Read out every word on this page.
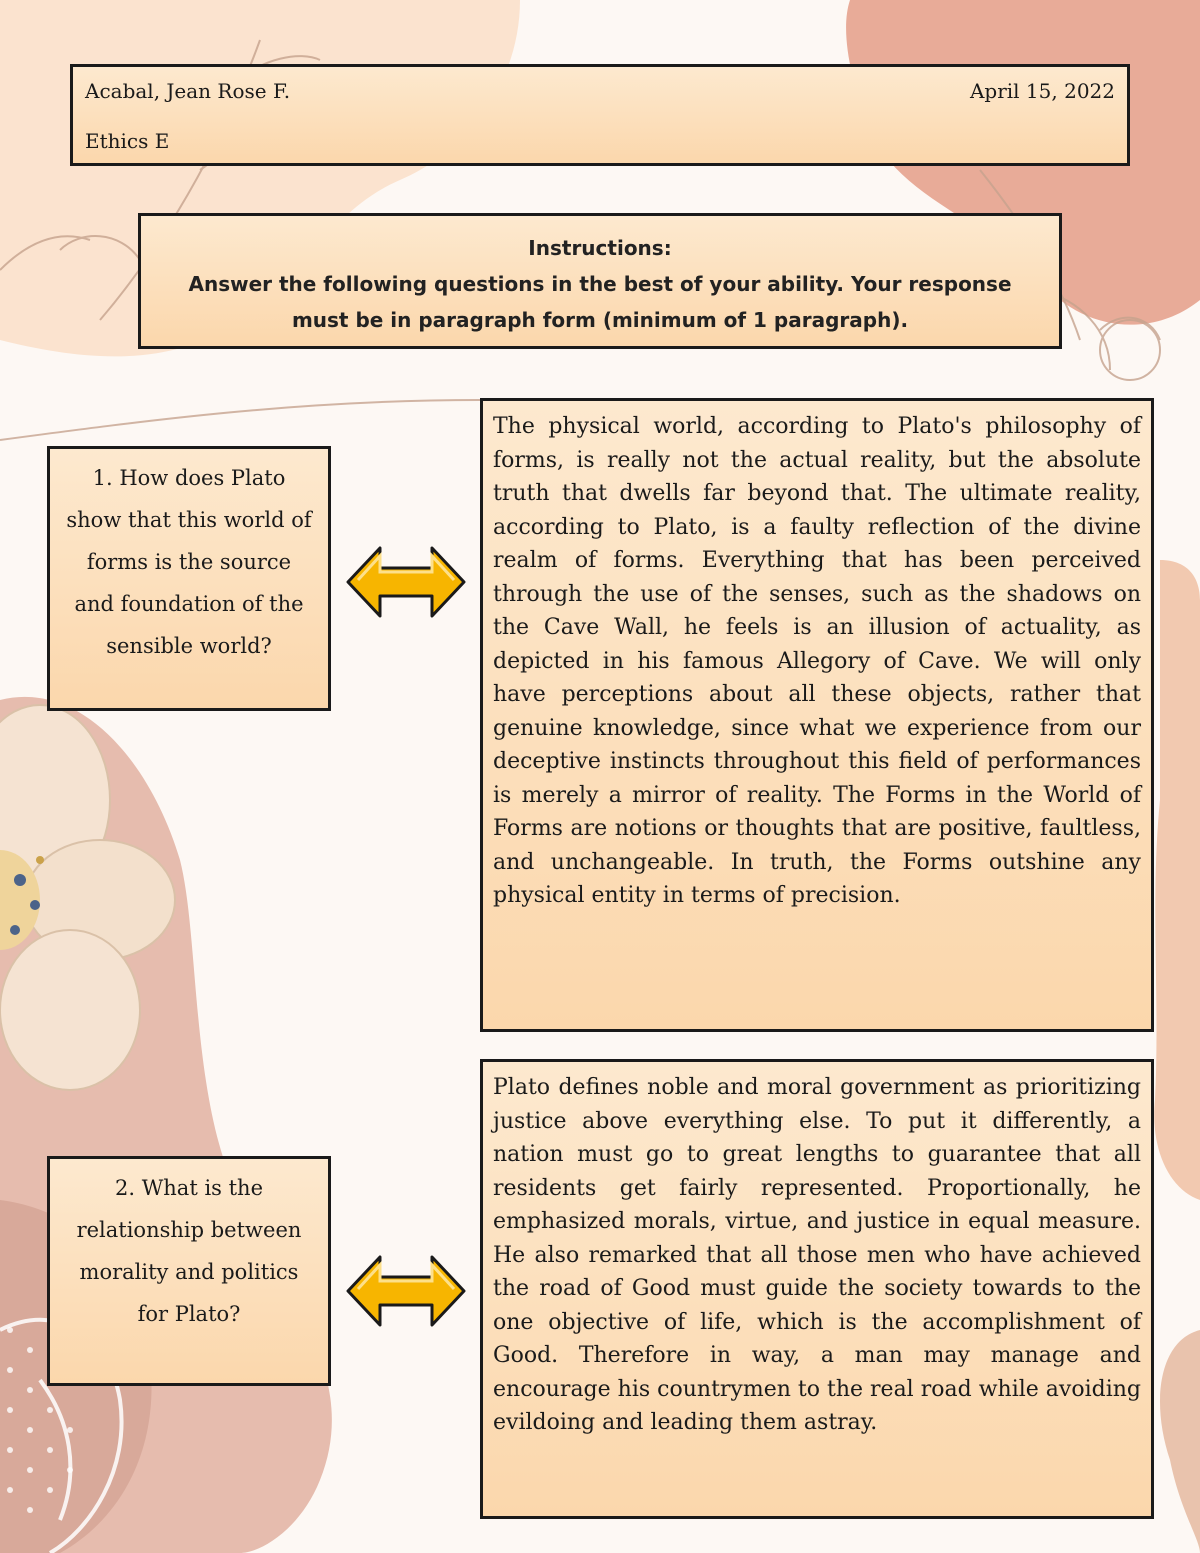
Acabal, Jean Rose F.	April 15, 2022
Ethics E
Instructions:
Answer the following questions in the best of your ability. Your response must be in paragraph form (minimum of 1 paragraph).
1. How does Plato show that this world of forms is the source and foundation of the sensible world?
The physical world, according to Plato's philosophy of forms, is really not the actual reality, but the absolute truth that dwells far beyond that. The ultimate reality, according to Plato, is a faulty reflection of the divine realm of forms. Everything that has been perceived through the use of the senses, such as the shadows on the Cave Wall, he feels is an illusion of actuality, as depicted in his famous Allegory of Cave. We will only have perceptions about all these objects, rather that genuine knowledge, since what we experience from our deceptive instincts throughout this field of performances is merely a mirror of reality. The Forms in the World of Forms are notions or thoughts that are positive, faultless, and unchangeable. In truth, the Forms outshine any physical entity in terms of precision.
2. What is the relationship between morality and politics for Plato?
Plato defines noble and moral government as prioritizing justice above everything else. To put it differently, a nation must go to great lengths to guarantee that all residents get fairly represented. Proportionally, he emphasized morals, virtue, and justice in equal measure. He also remarked that all those men who have achieved the road of Good must guide the society towards to the one objective of life, which is the accomplishment of Good. Therefore in way, a man may manage and encourage his countrymen to the real road while avoiding evildoing and leading them astray.
